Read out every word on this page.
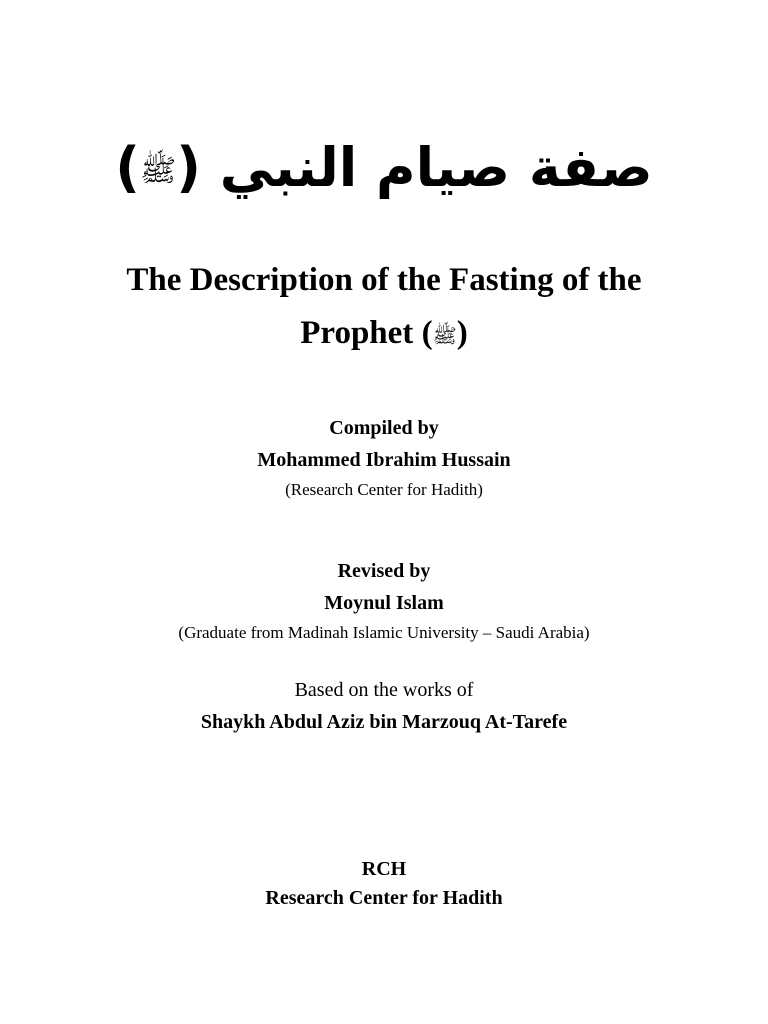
صفة صيام النبي (ﷺ)
The Description of the Fasting of the
Prophet (ﷺ)
Compiled by
Mohammed Ibrahim Hussain
(Research Center for Hadith)
Revised by
Moynul Islam
(Graduate from Madinah Islamic University – Saudi Arabia)
Based on the works of
Shaykh Abdul Aziz bin Marzouq At-Tarefe
RCH
Research Center for Hadith
